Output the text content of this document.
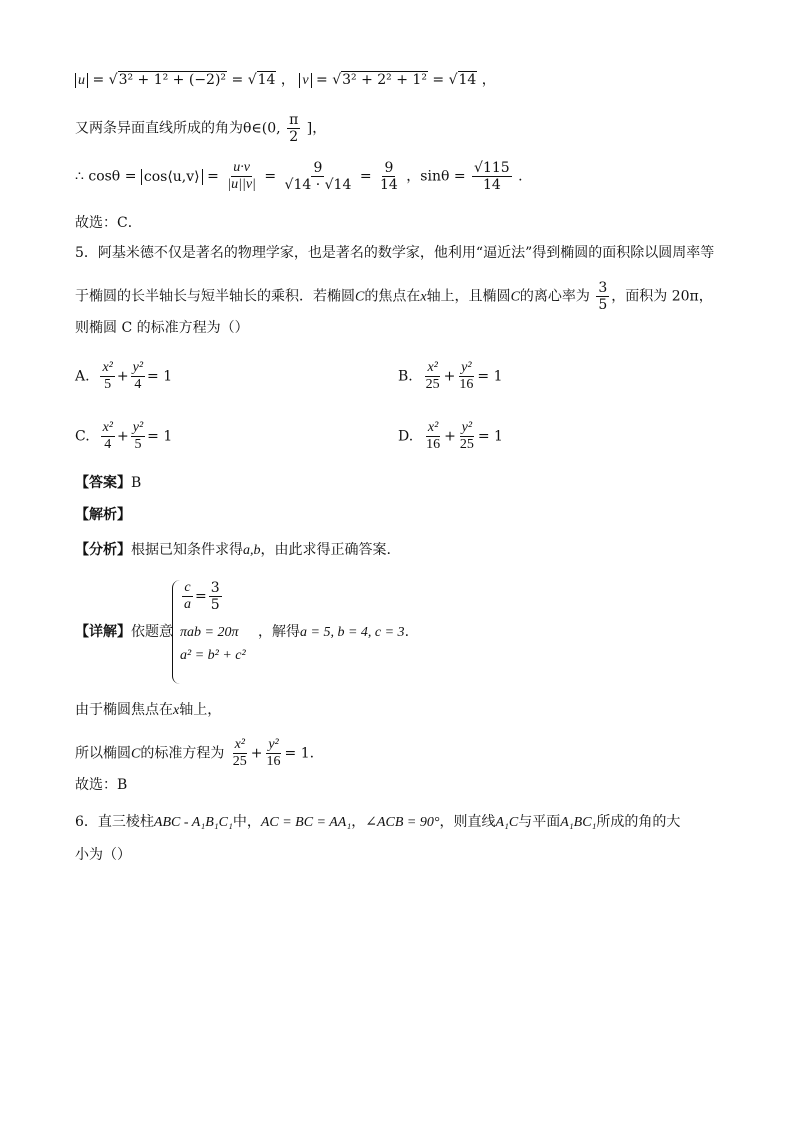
u = √3² + 1² + (−2)² = √14 ， v = √3² + 2² + 1² = √14 ，
又两条异面直线所成的角为θ∈(0, $\frac{\pi}{2}$ ]，
∴ cosθ = cos⟨u,v⟩ = $\frac{u\cdot v}{|u||v|} = \frac{9}{√14 \cdot √14} = \frac{9}{14}$ ，$\sin\theta = \frac{√115}{14}$ .
故选：C．
5．阿基米德不仅是著名的物理学家，也是著名的数学家，他利用“逼近法”得到椭圆的面积除以圆周率等
于椭圆的长半轴长与短半轴长的乘积．若椭圆C的焦点在x轴上，且椭圆C的离心率为 $\frac{3}{5}$ ，面积为 20π，
则椭圆 C 的标准方程为（）
A. $\frac{\text{x²}}{5} + \frac{\text{y²}}{4} = 1$	B. $\frac{\text{x²}}{25} + \frac{\text{y²}}{16} = 1$
C. $\frac{\text{x²}}{4} + \frac{\text{y²}}{5} = 1$	D. $\frac{\text{x²}}{16} + \frac{\text{y²}}{25} = 1$
【答案】B
【解析】
【分析】根据已知条件求得a,b，由此求得正确答案.
【详解】依题意
$\frac{c}{a} = \frac{3}{5}$
πab = 20π
a² = b² + c²
，解得a = 5, b = 4, c = 3.
由于椭圆焦点在x轴上，
所以椭圆C的标准方程为 $\frac{\text{x²}}{25} + \frac{\text{y²}}{16} = 1$.
故选：B
6．直三棱柱ABC - A₁B₁C₁中，AC = BC = AA₁，∠ACB = 90°，则直线A₁C与平面A₁BC₁所成的角的大
小为（）
